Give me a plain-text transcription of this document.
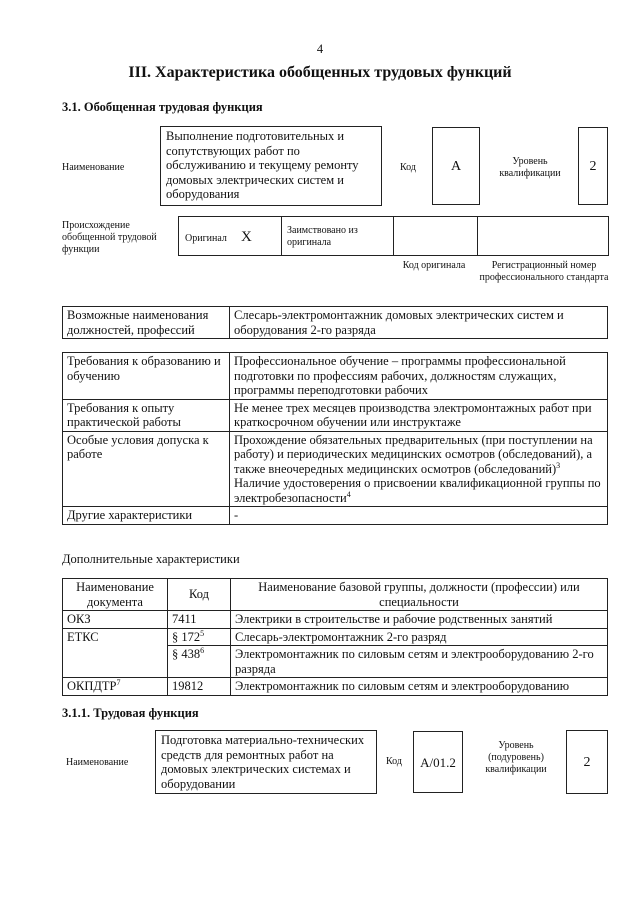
4
III. Характеристика обобщенных трудовых функций
3.1. Обобщенная трудовая функция
Наименование
Выполнение подготовительных и сопутствующих работ по обслуживанию и текущему ремонту домовых электрических систем и оборудования
Код	А	Уровень квалификации	2
Происхождение обобщенной трудовой функции
Оригинал X	Заимствовано из оригинала
Код оригинала	Регистрационный номер профессионального стандарта
Возможные наименования должностей, профессий	Слесарь-электромонтажник домовых электрических систем и оборудования 2-го разряда
Требования к образованию и обучению	Профессиональное обучение – программы профессиональной подготовки по профессиям рабочих, должностям служащих, программы переподготовки рабочих
Требования к опыту практической работы	Не менее трех месяцев производства электромонтажных работ при краткосрочном обучении или инструктаже
Особые условия допуска к работе	Прохождение обязательных предварительных (при поступлении на работу) и периодических медицинских осмотров (обследований), а также внеочередных медицинских осмотров (обследований)$^3$
Наличие удостоверения о присвоении квалификационной группы по электробезопасности$^4$
Другие характеристики	-
Дополнительные характеристики
Наименование документа	Код	Наименование базовой группы, должности (профессии) или специальности
ОКЗ	7411	Электрики в строительстве и рабочие родственных занятий
ЕТКС	§ $172^5$	Слесарь-электромонтажник 2-го разряд
	§ $438^6$	Электромонтажник по силовым сетям и электрооборудованию 2-го разряда
ОКПДТР$^7$	19812	Электромонтажник по силовым сетям и электрооборудованию
3.1.1. Трудовая функция
Наименование
Подготовка материально-технических средств для ремонтных работ на домовых электрических системах и оборудовании
Код	A/01.2
Уровень (подуровень) квалификации	2
